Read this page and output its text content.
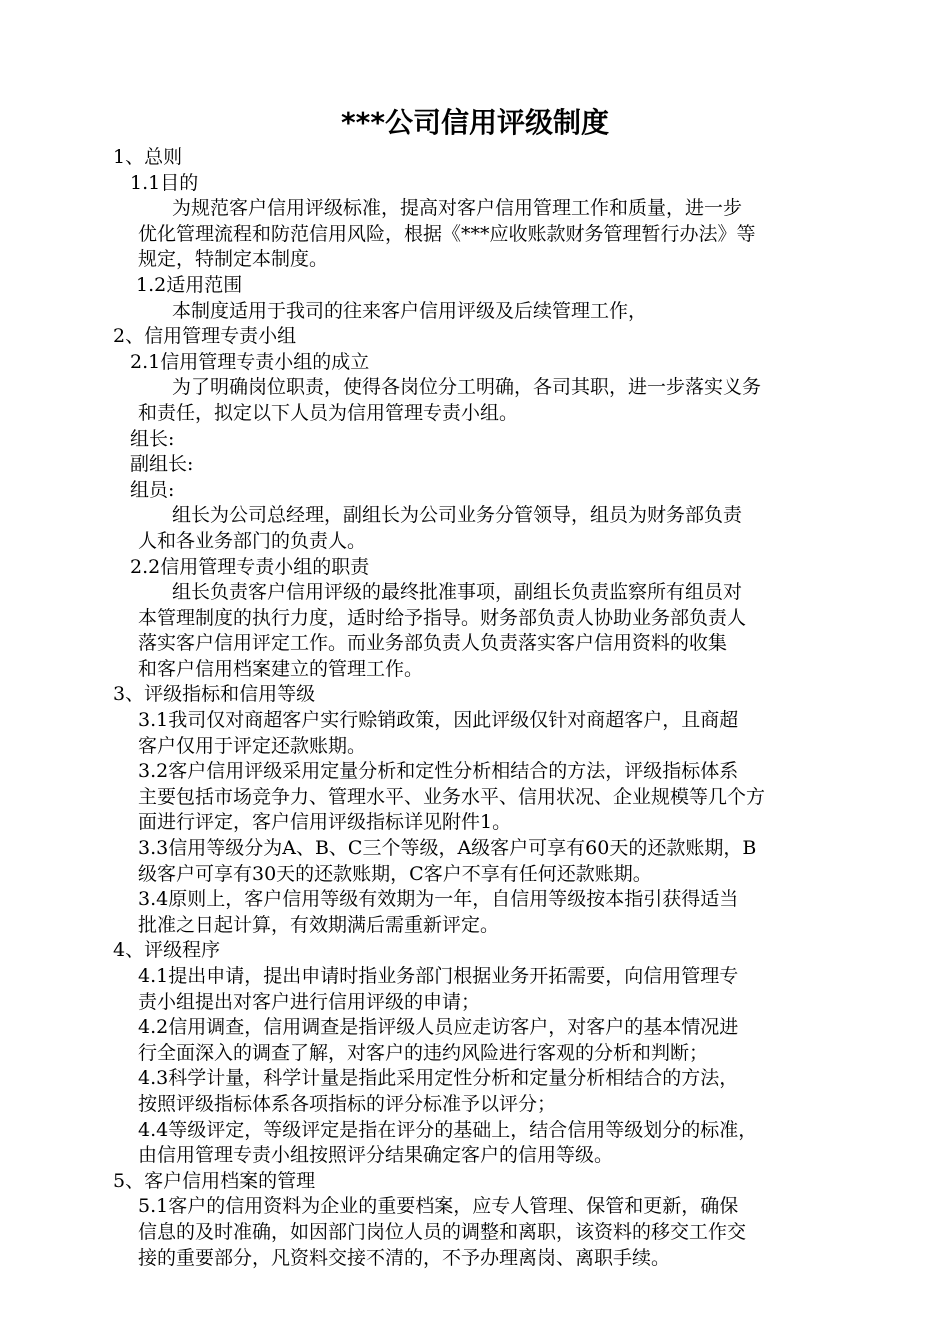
***公司信用评级制度
1、总则
1.1目的
为规范客户信用评级标准，提高对客户信用管理工作和质量，进一步
优化管理流程和防范信用风险，根据《***应收账款财务管理暂行办法》等
规定，特制定本制度。
1.2适用范围
本制度适用于我司的往来客户信用评级及后续管理工作，
2、信用管理专责小组
2.1信用管理专责小组的成立
为了明确岗位职责，使得各岗位分工明确，各司其职，进一步落实义务
和责任，拟定以下人员为信用管理专责小组。
组长:
副组长:
组员:
组长为公司总经理，副组长为公司业务分管领导，组员为财务部负责
人和各业务部门的负责人。
2.2信用管理专责小组的职责
组长负责客户信用评级的最终批准事项，副组长负责监察所有组员对
本管理制度的执行力度，适时给予指导。财务部负责人协助业务部负责人
落实客户信用评定工作。而业务部负责人负责落实客户信用资料的收集
和客户信用档案建立的管理工作。
3、评级指标和信用等级
3.1我司仅对商超客户实行赊销政策，因此评级仅针对商超客户，且商超
客户仅用于评定还款账期。
3.2客户信用评级采用定量分析和定性分析相结合的方法，评级指标体系
主要包括市场竞争力、管理水平、业务水平、信用状况、企业规模等几个方
面进行评定，客户信用评级指标详见附件1。
3.3信用等级分为A、B、C三个等级，A级客户可享有60天的还款账期，B
级客户可享有30天的还款账期，C客户不享有任何还款账期。
3.4原则上，客户信用等级有效期为一年，自信用等级按本指引获得适当
批准之日起计算，有效期满后需重新评定。
4、评级程序
4.1提出申请，提出申请时指业务部门根据业务开拓需要，向信用管理专
责小组提出对客户进行信用评级的申请；
4.2信用调查，信用调查是指评级人员应走访客户，对客户的基本情况进
行全面深入的调查了解，对客户的违约风险进行客观的分析和判断；
4.3科学计量，科学计量是指此采用定性分析和定量分析相结合的方法，
按照评级指标体系各项指标的评分标准予以评分；
4.4等级评定，等级评定是指在评分的基础上，结合信用等级划分的标准，
由信用管理专责小组按照评分结果确定客户的信用等级。
5、客户信用档案的管理
5.1客户的信用资料为企业的重要档案，应专人管理、保管和更新，确保
信息的及时准确，如因部门岗位人员的调整和离职，该资料的移交工作交
接的重要部分，凡资料交接不清的，不予办理离岗、离职手续。
